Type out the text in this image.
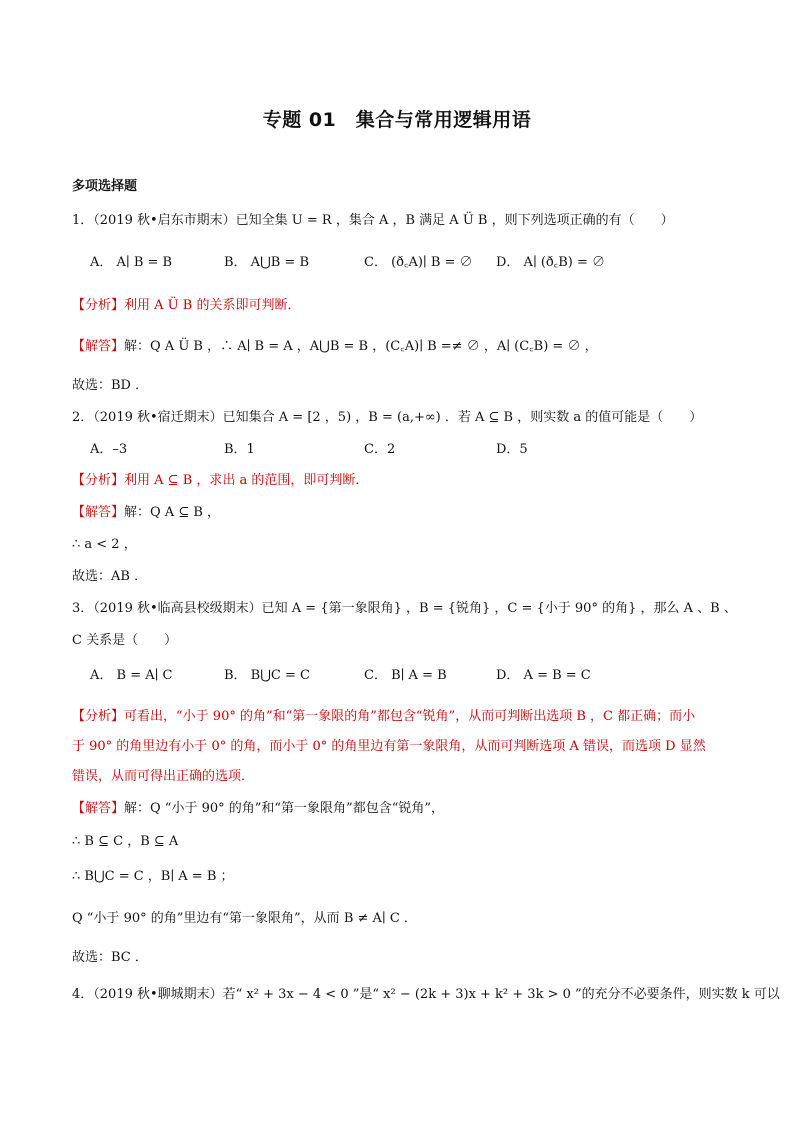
专题 01　集合与常用逻辑用语
多项选择题
1．（2019 秋•启东市期末）已知全集 U = R ，集合 A ，B 满足 A Ü B ，则下列选项正确的有（　　）
A． A∣ B = B	B． A⋃B = B	C． (ð꜀A)∣ B = ∅ D． A∣ (ð꜀B) = ∅
【分析】利用 A Ü B 的关系即可判断．
【解答】解：Q A Ü B ，∴ A∣ B = A ，A⋃B = B ，(C꜀A)∣ B =≠ ∅ ，A∣ (C꜀B) = ∅ ，
故选：BD ．
2．（2019 秋•宿迁期末）已知集合 A = [2 ，5) ，B = (a,+∞) ．若 A ⊆ B ，则实数 a 的值可能是（　　）
A．–3	B．1	C．2	D．5
【分析】利用 A ⊆ B ，求出 a 的范围，即可判断．
【解答】解：Q A ⊆ B ，
∴ a < 2 ，
故选：AB ．
3．（2019 秋•临高县校级期末）已知 A = {第一象限角} ，B = {锐角} ，C = {小于 90° 的角} ，那么 A 、B 、
C 关系是（　　）
A． B = A∣ C	B． B⋃C = C	C． B∣ A = B	D． A = B = C
【分析】可看出，“小于 90° 的角”和“第一象限的角”都包含“锐角”，从而可判断出选项 B ，C 都正确；而小
于 90° 的角里边有小于 0° 的角，而小于 0° 的角里边有第一象限角，从而可判断选项 A 错误，而选项 D 显然
错误，从而可得出正确的选项．
【解答】解：Q “小于 90° 的角”和“第一象限角”都包含“锐角”，
∴ B ⊆ C ，B ⊆ A
∴ B⋃C = C ，B∣ A = B ；
Q “小于 90° 的角”里边有“第一象限角”，从而 B ≠ A∣ C ．
故选：BC ．
4．（2019 秋•聊城期末）若“ x² + 3x − 4 < 0 ”是“ x² − (2k + 3)x + k² + 3k > 0 ”的充分不必要条件，则实数 k 可以
